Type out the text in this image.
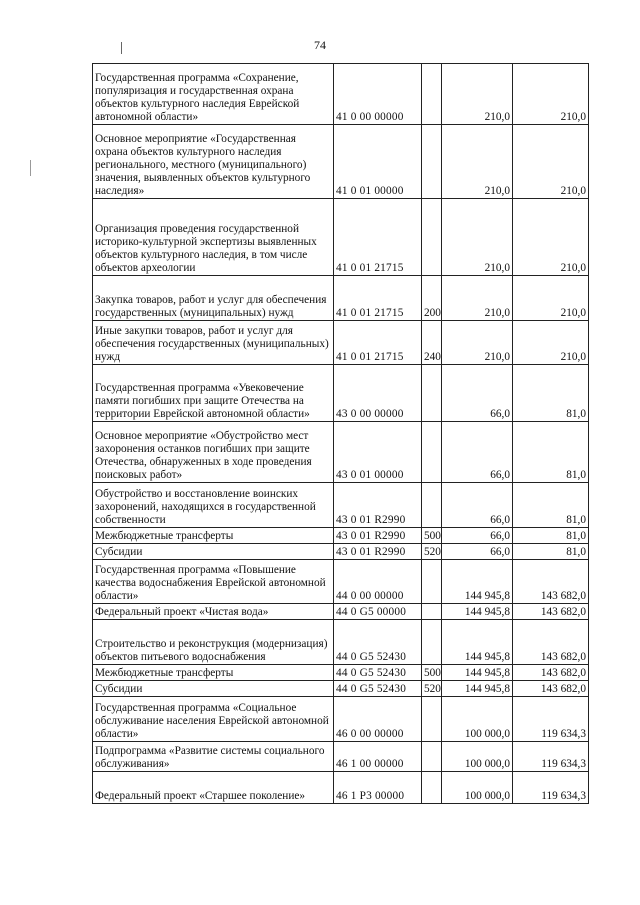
74
Государственная программа «Сохранение, популяризация и государственная охрана объектов культурного наследия Еврейской автономной области»	41 0 00 00000		210,0	210,0
Основное мероприятие «Государственная охрана объектов культурного наследия регионального, местного (муниципального) значения, выявленных объектов культурного наследия»	41 0 01 00000		210,0	210,0
Организация проведения государственной историко-культурной экспертизы выявленных объектов культурного наследия, в том числе объектов археологии	41 0 01 21715		210,0	210,0
Закупка товаров, работ и услуг для обеспечения государственных (муниципальных) нужд	41 0 01 21715	200	210,0	210,0
Иные закупки товаров, работ и услуг для обеспечения государственных (муниципальных) нужд	41 0 01 21715	240	210,0	210,0
Государственная программа «Увековечение памяти погибших при защите Отечества на территории Еврейской автономной области»	43 0 00 00000		66,0	81,0
Основное мероприятие «Обустройство мест захоронения останков погибших при защите Отечества, обнаруженных в ходе проведения поисковых работ»	43 0 01 00000		66,0	81,0
Обустройство и восстановление воинских захоронений, находящихся в государственной собственности	43 0 01 R2990		66,0	81,0
Межбюджетные трансферты	43 0 01 R2990	500	66,0	81,0
Субсидии	43 0 01 R2990	520	66,0	81,0
Государственная программа «Повышение качества водоснабжения Еврейской автономной области»	44 0 00 00000		144 945,8	143 682,0
Федеральный проект «Чистая вода»	44 0 G5 00000		144 945,8	143 682,0
Строительство и реконструкция (модернизация) объектов питьевого водоснабжения	44 0 G5 52430		144 945,8	143 682,0
Межбюджетные трансферты	44 0 G5 52430	500	144 945,8	143 682,0
Субсидии	44 0 G5 52430	520	144 945,8	143 682,0
Государственная программа «Социальное обслуживание населения Еврейской автономной области»	46 0 00 00000		100 000,0	119 634,3
Подпрограмма «Развитие системы социального обслуживания»	46 1 00 00000		100 000,0	119 634,3
Федеральный проект «Старшее поколение»	46 1 P3 00000		100 000,0	119 634,3
